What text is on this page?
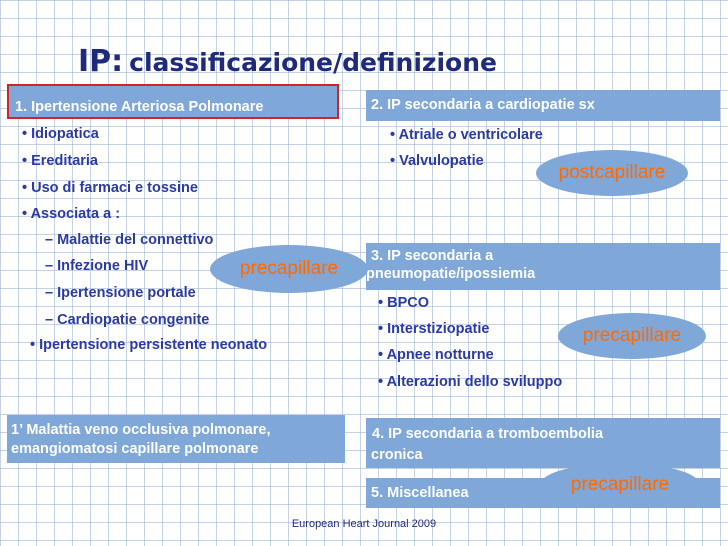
IP: classificazione/definizione
1. Ipertensione Arteriosa Polmonare
• Idiopatica
• Ereditaria
• Uso di farmaci e tossine
• Associata a :
– Malattie del connettivo
– Infezione HIV
– Ipertensione portale
– Cardiopatie congenite
• Ipertensione persistente neonato
1’ Malattia veno occlusiva polmonare,
emangiomatosi capillare polmonare
2. IP secondaria a cardiopatie sx
• Atriale o ventricolare
• Valvulopatie
3. IP secondaria a
pneumopatie/ipossiemia
• BPCO
• Interstiziopatie
• Apnee notturne
• Alterazioni dello sviluppo
4. IP secondaria a tromboembolia
cronica
5. Miscellanea
postcapillare
precapillare
precapillare
precapillare
European Heart Journal 2009
